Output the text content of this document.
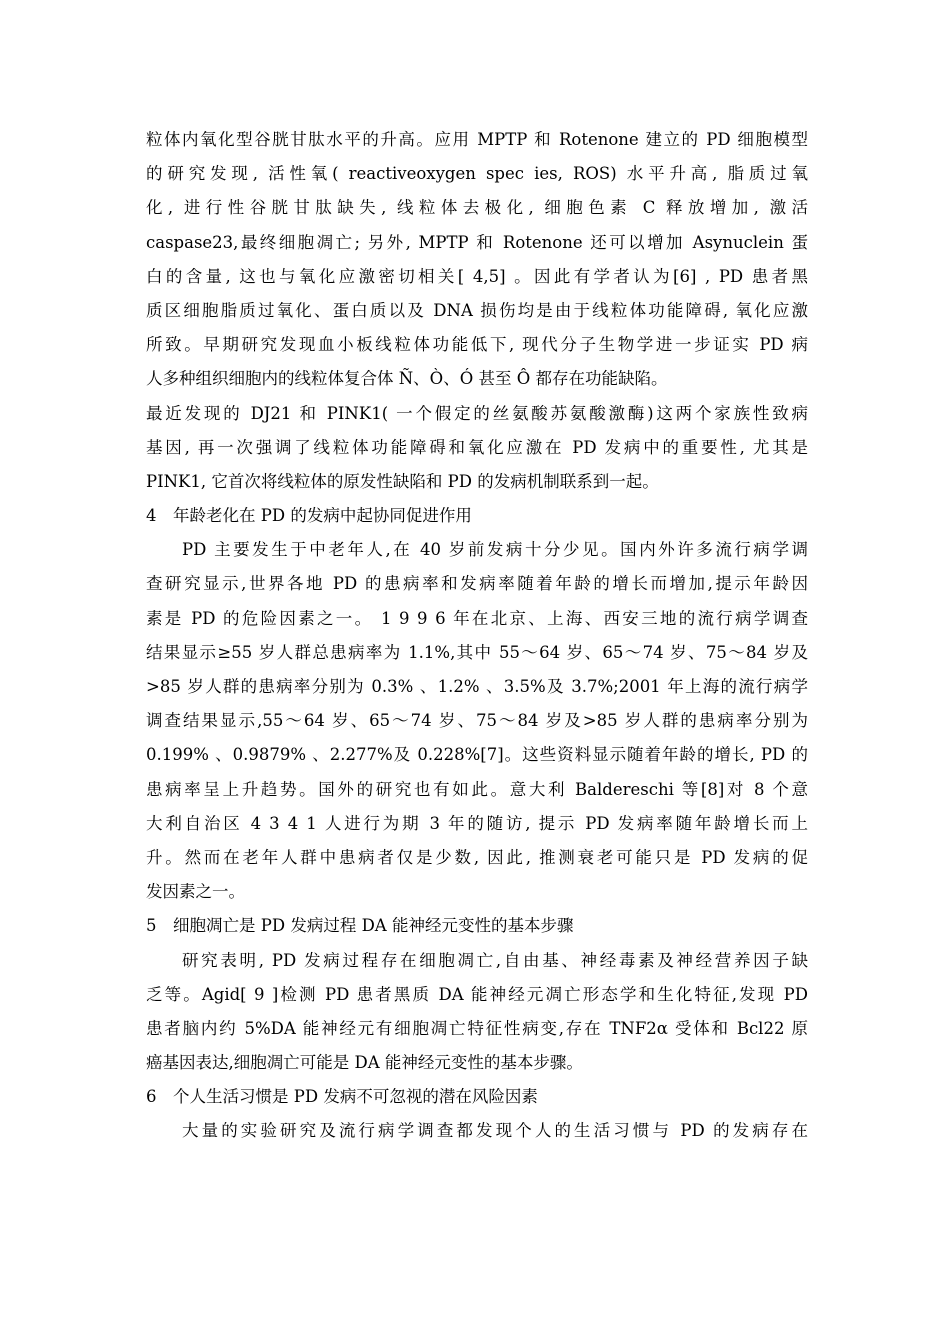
粒体内氧化型谷胱甘肽水平的升高。应用 MPTP 和 Rotenone 建立的 PD 细胞模型
的研究发现, 活性氧( reactiveoxygen spec ies, ROS) 水平升高, 脂质过氧
化, 进行性谷胱甘肽缺失, 线粒体去极化, 细胞色素 C 释放增加, 激活
caspase23,最终细胞凋亡; 另外, MPTP 和 Rotenone 还可以增加 Asynuclein 蛋
白的含量, 这也与氧化应激密切相关[ 4,5] 。因此有学者认为[6] , PD 患者黑
质区细胞脂质过氧化、蛋白质以及 DNA 损伤均是由于线粒体功能障碍, 氧化应激
所致。早期研究发现血小板线粒体功能低下, 现代分子生物学进一步证实 PD 病
人多种组织细胞内的线粒体复合体 Ñ、Ò、Ó 甚至 Ô 都存在功能缺陷。
最近发现的 DJ21 和 PINK1( 一个假定的丝氨酸苏氨酸激酶)这两个家族性致病
基因, 再一次强调了线粒体功能障碍和氧化应激在 PD 发病中的重要性, 尤其是
PINK1, 它首次将线粒体的原发性缺陷和 PD 的发病机制联系到一起。
4　年龄老化在 PD 的发病中起协同促进作用
PD 主要发生于中老年人,在 40 岁前发病十分少见。国内外许多流行病学调
查研究显示,世界各地 PD 的患病率和发病率随着年龄的增长而增加,提示年龄因
素是 PD 的危险因素之一。 1 9 9 6 年在北京、上海、西安三地的流行病学调查
结果显示≥55 岁人群总患病率为 1.1%,其中 55～64 岁、65～74 岁、75～84 岁及
>85 岁人群的患病率分别为 0.3% 、1.2% 、3.5%及 3.7%;2001 年上海的流行病学
调查结果显示,55～64 岁、65～74 岁、75～84 岁及>85 岁人群的患病率分别为
0.199% 、0.9879% 、2.277%及 0.228%[7]。这些资料显示随着年龄的增长, PD 的
患病率呈上升趋势。国外的研究也有如此。意大利 Baldereschi 等[8]对 8 个意
大利自治区 4 3 4 1 人进行为期 3 年的随访, 提示 PD 发病率随年龄增长而上
升。然而在老年人群中患病者仅是少数, 因此, 推测衰老可能只是 PD 发病的促
发因素之一。
5　细胞凋亡是 PD 发病过程 DA 能神经元变性的基本步骤
研究表明, PD 发病过程存在细胞凋亡,自由基、神经毒素及神经营养因子缺
乏等。Agid[ 9 ]检测 PD 患者黑质 DA 能神经元凋亡形态学和生化特征,发现 PD
患者脑内约 5%DA 能神经元有细胞凋亡特征性病变,存在 TNF2α 受体和 Bcl22 原
癌基因表达,细胞凋亡可能是 DA 能神经元变性的基本步骤。
6　个人生活习惯是 PD 发病不可忽视的潜在风险因素
大量的实验研究及流行病学调查都发现个人的生活习惯与 PD 的发病存在
